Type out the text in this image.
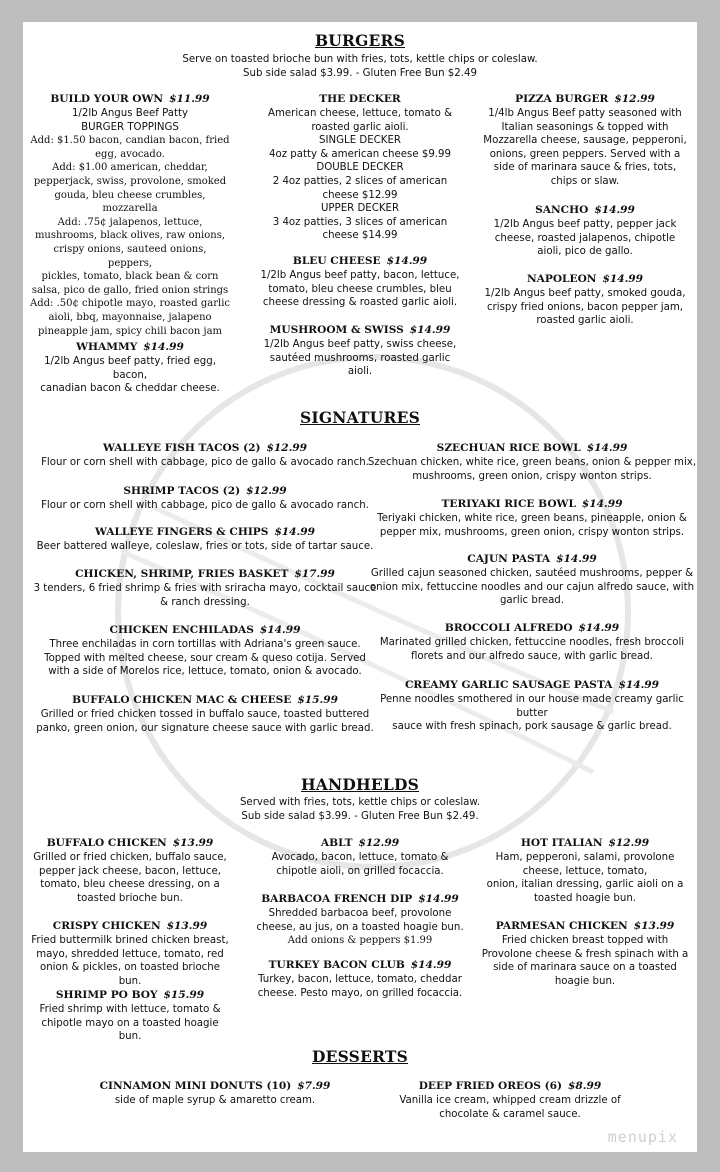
BURGERS
Serve on toasted brioche bun with fries, tots, kettle chips or coleslaw.
Sub side salad $3.99. - Gluten Free Bun $2.49
BUILD YOUR OWN $11.99
1/2lb Angus Beef Patty
BURGER TOPPINGS
Add: $1.50 bacon, candian bacon, fried
egg, avocado.
Add: $1.00 american, cheddar,
pepperjack, swiss, provolone, smoked
gouda, bleu cheese crumbles,
mozzarella
Add: .75¢ jalapenos, lettuce,
mushrooms, black olives, raw onions,
crispy onions, sauteed onions, peppers,
pickles, tomato, black bean & corn
salsa, pico de gallo, fried onion strings
Add: .50¢ chipotle mayo, roasted garlic
aioli, bbq, mayonnaise, jalapeno
pineapple jam, spicy chili bacon jam
WHAMMY $14.99
1/2lb Angus beef patty, fried egg, bacon,
canadian bacon & cheddar cheese.
THE DECKER
American cheese, lettuce, tomato &
roasted garlic aioli.
SINGLE DECKER
4oz patty & american cheese $9.99
DOUBLE DECKER
2 4oz patties, 2 slices of american
cheese $12.99
UPPER DECKER
3 4oz patties, 3 slices of american
cheese $14.99
BLEU CHEESE $14.99
1/2lb Angus beef patty, bacon, lettuce,
tomato, bleu cheese crumbles, bleu
cheese dressing & roasted garlic aioli.
MUSHROOM & SWISS $14.99
1/2lb Angus beef patty, swiss cheese,
sautéed mushrooms, roasted garlic
aioli.
PIZZA BURGER $12.99
1/4lb Angus Beef patty seasoned with
Italian seasonings & topped with
Mozzarella cheese, sausage, pepperoni,
onions, green peppers. Served with a
side of marinara sauce & fries, tots,
chips or slaw.
SANCHO $14.99
1/2lb Angus beef patty, pepper jack
cheese, roasted jalapenos, chipotle
aioli, pico de gallo.
NAPOLEON $14.99
1/2lb Angus beef patty, smoked gouda,
crispy fried onions, bacon pepper jam,
roasted garlic aioli.
SIGNATURES
WALLEYE FISH TACOS (2) $12.99
Flour or corn shell with cabbage, pico de gallo & avocado ranch.
SHRIMP TACOS (2) $12.99
Flour or corn shell with cabbage, pico de gallo & avocado ranch.
WALLEYE FINGERS & CHIPS $14.99
Beer battered walleye, coleslaw, fries or tots, side of tartar sauce.
CHICKEN, SHRIMP, FRIES BASKET $17.99
3 tenders, 6 fried shrimp & fries with sriracha mayo, cocktail sauce
& ranch dressing.
CHICKEN ENCHILADAS $14.99
Three enchiladas in corn tortillas with Adriana's green sauce.
Topped with melted cheese, sour cream & queso cotija. Served
with a side of Morelos rice, lettuce, tomato, onion & avocado.
BUFFALO CHICKEN MAC & CHEESE $15.99
Grilled or fried chicken tossed in buffalo sauce, toasted buttered
panko, green onion, our signature cheese sauce with garlic bread.
SZECHUAN RICE BOWL $14.99
Szechuan chicken, white rice, green beans, onion & pepper mix,
mushrooms, green onion, crispy wonton strips.
TERIYAKI RICE BOWL $14.99
Teriyaki chicken, white rice, green beans, pineapple, onion &
pepper mix, mushrooms, green onion, crispy wonton strips.
CAJUN PASTA $14.99
Grilled cajun seasoned chicken, sautéed mushrooms, pepper &
onion mix, fettuccine noodles and our cajun alfredo sauce, with
garlic bread.
BROCCOLI ALFREDO $14.99
Marinated grilled chicken, fettuccine noodles, fresh broccoli
florets and our alfredo sauce, with garlic bread.
CREAMY GARLIC SAUSAGE PASTA $14.99
Penne noodles smothered in our house made creamy garlic butter
sauce with fresh spinach, pork sausage & garlic bread.
HANDHELDS
Served with fries, tots, kettle chips or coleslaw.
Sub side salad $3.99. - Gluten Free Bun $2.49.
BUFFALO CHICKEN $13.99
Grilled or fried chicken, buffalo sauce,
pepper jack cheese, bacon, lettuce,
tomato, bleu cheese dressing, on a
toasted brioche bun.
CRISPY CHICKEN $13.99
Fried buttermilk brined chicken breast,
mayo, shredded lettuce, tomato, red
onion & pickles, on toasted brioche bun.
SHRIMP PO BOY $15.99
Fried shrimp with lettuce, tomato &
chipotle mayo on a toasted hoagie bun.
ABLT $12.99
Avocado, bacon, lettuce, tomato &
chipotle aioli, on grilled focaccia.
BARBACOA FRENCH DIP $14.99
Shredded barbacoa beef, provolone
cheese, au jus, on a toasted hoagie bun.
Add onions & peppers $1.99
TURKEY BACON CLUB $14.99
Turkey, bacon, lettuce, tomato, cheddar
cheese. Pesto mayo, on grilled focaccia.
HOT ITALIAN $12.99
Ham, pepperoni, salami, provolone
cheese, lettuce, tomato,
onion, italian dressing, garlic aioli on a
toasted hoagie bun.
PARMESAN CHICKEN $13.99
Fried chicken breast topped with
Provolone cheese & fresh spinach with a
side of marinara sauce on a toasted
hoagie bun.
DESSERTS
CINNAMON MINI DONUTS (10) $7.99
side of maple syrup & amaretto cream.
DEEP FRIED OREOS (6) $8.99
Vanilla ice cream, whipped cream drizzle of
chocolate & caramel sauce.
menupix
